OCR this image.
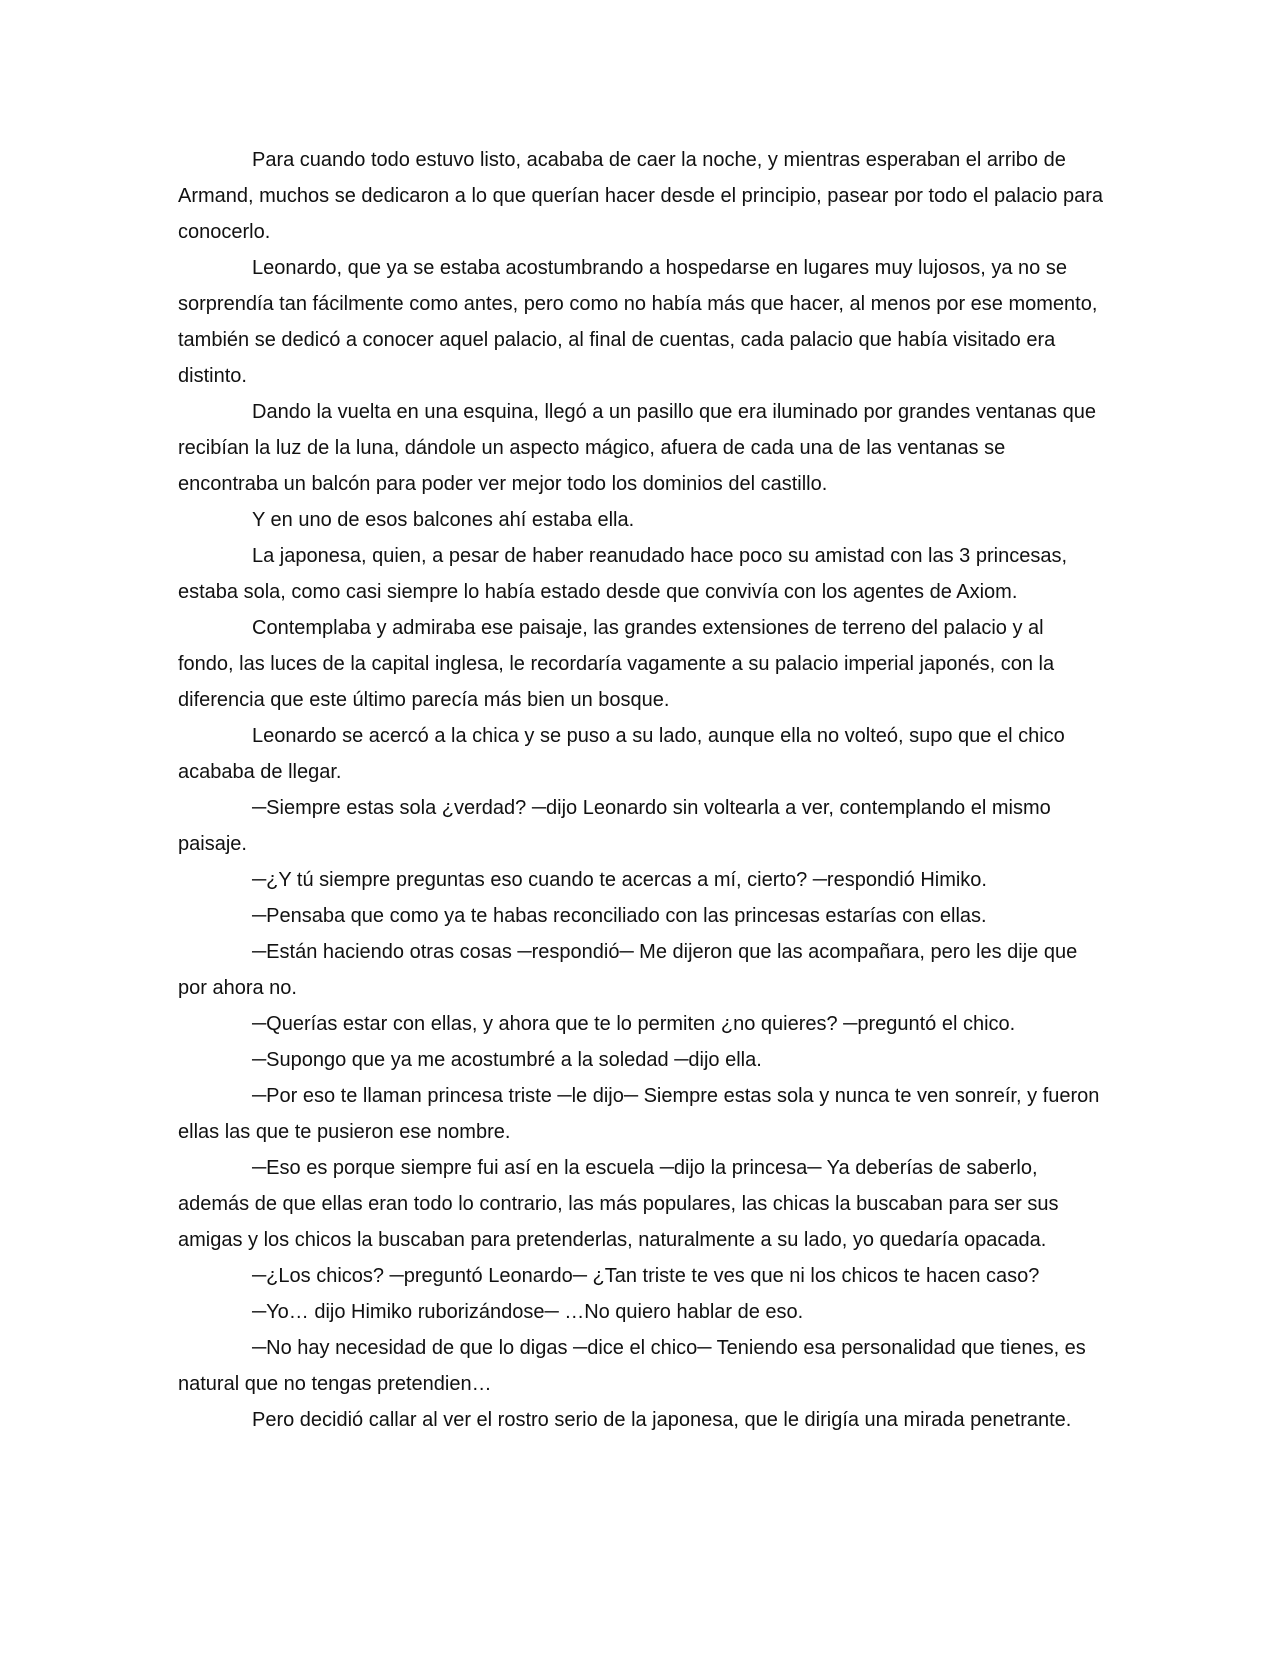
Para cuando todo estuvo listo, acababa de caer la noche, y mientras esperaban el arribo de Armand, muchos se dedicaron a lo que querían hacer desde el principio, pasear por todo el palacio para conocerlo.

Leonardo, que ya se estaba acostumbrando a hospedarse en lugares muy lujosos, ya no se sorprendía tan fácilmente como antes, pero como no había más que hacer, al menos por ese momento, también se dedicó a conocer aquel palacio, al final de cuentas, cada palacio que había visitado era distinto.

Dando la vuelta en una esquina, llegó a un pasillo que era iluminado por grandes ventanas que recibían la luz de la luna, dándole un aspecto mágico, afuera de cada una de las ventanas se encontraba un balcón para poder ver mejor todo los dominios del castillo.

Y en uno de esos balcones ahí estaba ella.

La japonesa, quien, a pesar de haber reanudado hace poco su amistad con las 3 princesas, estaba sola, como casi siempre lo había estado desde que convivía con los agentes de Axiom.

Contemplaba y admiraba ese paisaje, las grandes extensiones de terreno del palacio y al fondo, las luces de la capital inglesa, le recordaría vagamente a su palacio imperial japonés, con la diferencia que este último parecía más bien un bosque.

Leonardo se acercó a la chica y se puso a su lado, aunque ella no volteó, supo que el chico acababa de llegar.

─Siempre estas sola ¿verdad? ─dijo Leonardo sin voltearla a ver, contemplando el mismo paisaje.

─¿Y tú siempre preguntas eso cuando te acercas a mí, cierto? ─respondió Himiko.

─Pensaba que como ya te habas reconciliado con las princesas estarías con ellas.

─Están haciendo otras cosas ─respondió─ Me dijeron que las acompañara, pero les dije que por ahora no.

─Querías estar con ellas, y ahora que te lo permiten ¿no quieres? ─preguntó el chico.

─Supongo que ya me acostumbré a la soledad ─dijo ella.

─Por eso te llaman princesa triste ─le dijo─ Siempre estas sola y nunca te ven sonreír, y fueron ellas las que te pusieron ese nombre.

─Eso es porque siempre fui así en la escuela ─dijo la princesa─ Ya deberías de saberlo, además de que ellas eran todo lo contrario, las más populares, las chicas la buscaban para ser sus amigas y los chicos la buscaban para pretenderlas, naturalmente a su lado, yo quedaría opacada.

─¿Los chicos? ─preguntó Leonardo─ ¿Tan triste te ves que ni los chicos te hacen caso?

─Yo… dijo Himiko ruborizándose─ …No quiero hablar de eso.

─No hay necesidad de que lo digas ─dice el chico─ Teniendo esa personalidad que tienes, es natural que no tengas pretendien…

Pero decidió callar al ver el rostro serio de la japonesa, que le dirigía una mirada penetrante.
